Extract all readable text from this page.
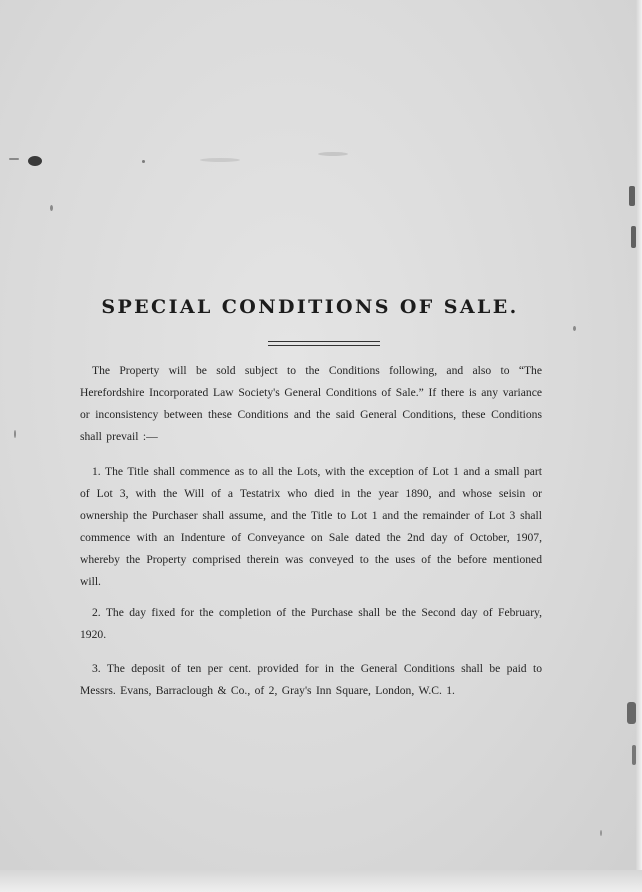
SPECIAL CONDITIONS OF SALE.

The Property will be sold subject to the Conditions following, and also to “The Herefordshire Incorporated Law Society's General Conditions of Sale.” If there is any variance or inconsistency between these Conditions and the said General Conditions, these Conditions shall prevail :—

1. The Title shall commence as to all the Lots, with the exception of Lot 1 and a small part of Lot 3, with the Will of a Testatrix who died in the year 1890, and whose seisin or ownership the Purchaser shall assume, and the Title to Lot 1 and the remainder of Lot 3 shall commence with an Indenture of Conveyance on Sale dated the 2nd day of October, 1907, whereby the Property comprised therein was conveyed to the uses of the before mentioned will.

2. The day fixed for the completion of the Purchase shall be the Second day of February, 1920.

3. The deposit of ten per cent. provided for in the General Conditions shall be paid to Messrs. Evans, Barraclough & Co., of 2, Gray's Inn Square, London, W.C. 1.
